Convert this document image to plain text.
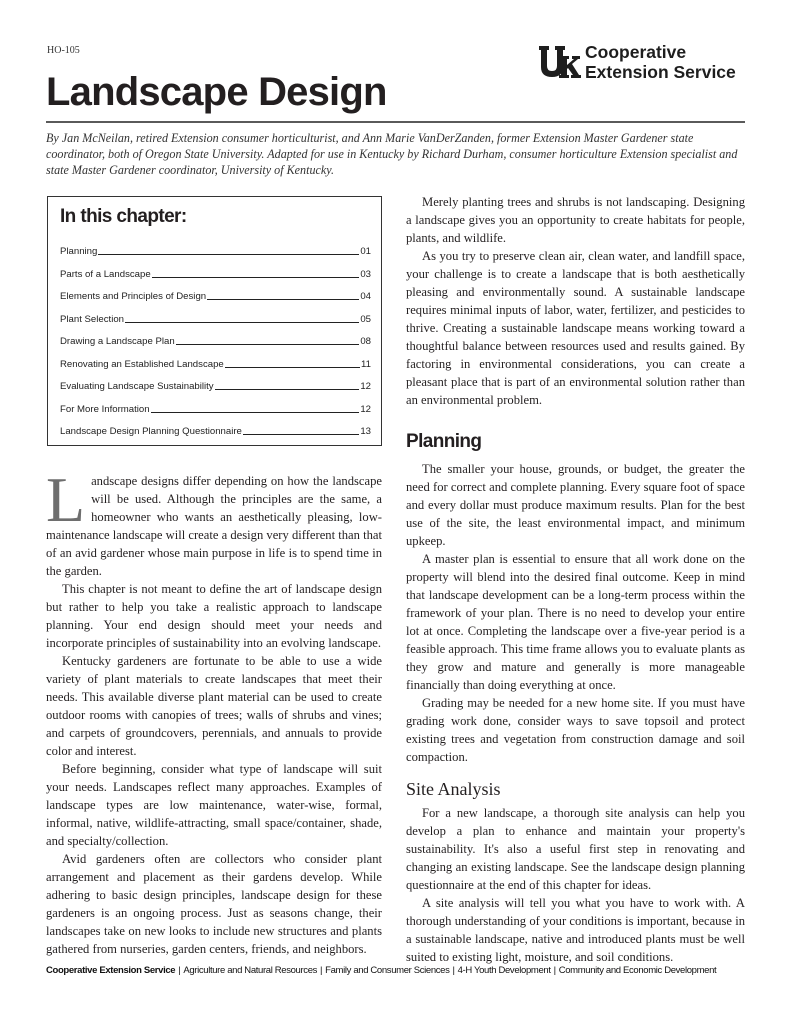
HO-105	Cooperative
Extension Service
Landscape Design
By Jan McNeilan, retired Extension consumer horticulturist, and Ann Marie VanDerZanden, former Extension Master Gardener state coordinator, both of Oregon State University. Adapted for use in Kentucky by Richard Durham, consumer horticulture Extension specialist and state Master Gardener coordinator, University of Kentucky.
In this chapter:
Planning	01
Parts of a Landscape	03
Elements and Principles of Design	04
Plant Selection	05
Drawing a Landscape Plan	08
Renovating an Established Landscape	11
Evaluating Landscape Sustainability	12
For More Information	12
Landscape Design Planning Questionnaire	13

Landscape designs differ depending on how the landscape will be used. Although the principles are the same, a homeowner who wants an aesthetically pleasing, low-maintenance landscape will create a design very different than that of an avid gardener whose main purpose in life is to spend time in the garden.

This chapter is not meant to define the art of landscape design but rather to help you take a realistic approach to landscape planning. Your end design should meet your needs and incorporate principles of sustainability into an evolving landscape.

Kentucky gardeners are fortunate to be able to use a wide variety of plant materials to create landscapes that meet their needs. This available diverse plant material can be used to create outdoor rooms with canopies of trees; walls of shrubs and vines; and carpets of groundcovers, perennials, and annuals to provide color and interest.

Before beginning, consider what type of landscape will suit your needs. Landscapes reflect many approaches. Examples of landscape types are low maintenance, water-wise, formal, informal, native, wildlife-attracting, small space/container, shade, and specialty/collection.

Avid gardeners often are collectors who consider plant arrangement and placement as their gardens develop. While adhering to basic design principles, landscape design for these gardeners is an ongoing process. Just as seasons change, their landscapes take on new looks to include new structures and plants gathered from nurseries, garden centers, friends, and neighbors.

Merely planting trees and shrubs is not landscaping. Designing a landscape gives you an opportunity to create habitats for people, plants, and wildlife.

As you try to preserve clean air, clean water, and landfill space, your challenge is to create a landscape that is both aesthetically pleasing and environmentally sound. A sustainable landscape requires minimal inputs of labor, water, fertilizer, and pesticides to thrive. Creating a sustainable landscape means working toward a thoughtful balance between resources used and results gained. By factoring in environmental considerations, you can create a pleasant place that is part of an environmental solution rather than an environmental problem.

Planning

The smaller your house, grounds, or budget, the greater the need for correct and complete planning. Every square foot of space and every dollar must produce maximum results. Plan for the best use of the site, the least environmental impact, and minimum upkeep.

A master plan is essential to ensure that all work done on the property will blend into the desired final outcome. Keep in mind that landscape development can be a long-term process within the framework of your plan. There is no need to develop your entire lot at once. Completing the landscape over a five-year period is a feasible approach. This time frame allows you to evaluate plants as they grow and mature and generally is more manageable financially than doing everything at once.

Grading may be needed for a new home site. If you must have grading work done, consider ways to save topsoil and protect existing trees and vegetation from construction damage and soil compaction.

Site Analysis

For a new landscape, a thorough site analysis can help you develop a plan to enhance and maintain your property's sustainability. It's also a useful first step in renovating and changing an existing landscape. See the landscape design planning questionnaire at the end of this chapter for ideas.

A site analysis will tell you what you have to work with. A thorough understanding of your conditions is important, because in a sustainable landscape, native and introduced plants must be well suited to existing light, moisture, and soil conditions.

Cooperative Extension Service | Agriculture and Natural Resources | Family and Consumer Sciences | 4-H Youth Development | Community and Economic Development
